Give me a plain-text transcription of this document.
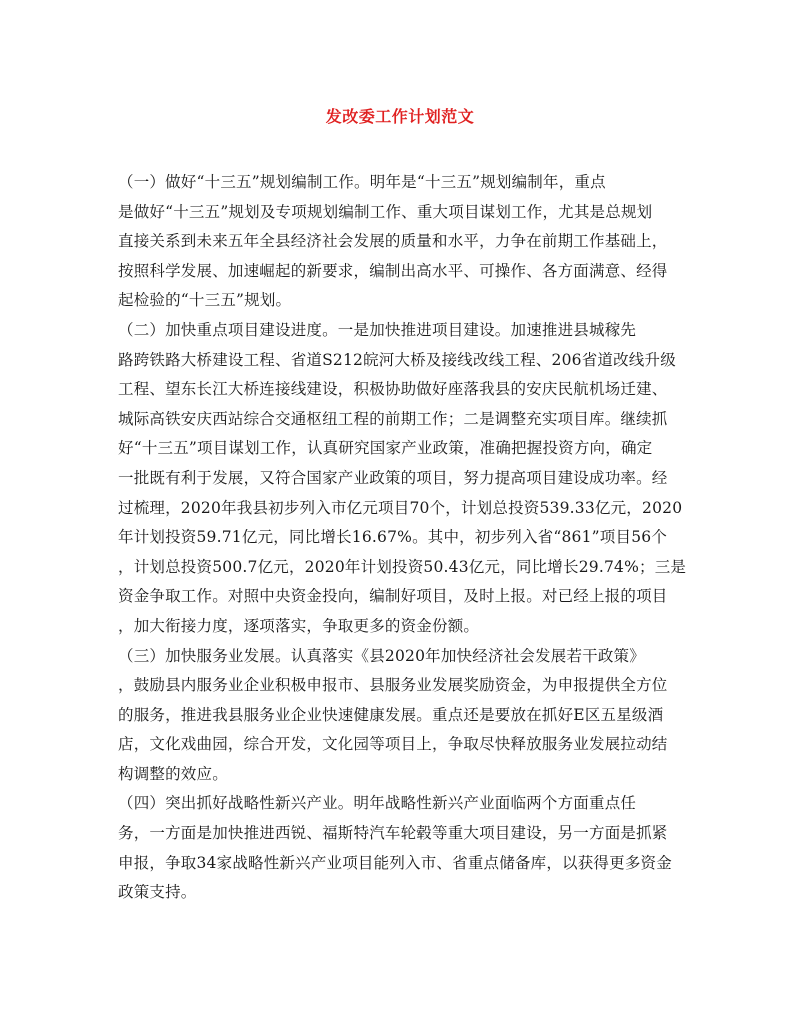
发改委工作计划范文
（一）做好“十三五”规划编制工作。明年是“十三五”规划编制年，重点
是做好“十三五”规划及专项规划编制工作、重大项目谋划工作，尤其是总规划
直接关系到未来五年全县经济社会发展的质量和水平，力争在前期工作基础上，
按照科学发展、加速崛起的新要求，编制出高水平、可操作、各方面满意、经得
起检验的“十三五”规划。
（二）加快重点项目建设进度。一是加快推进项目建设。加速推进县城稼先
路跨铁路大桥建设工程、省道S212皖河大桥及接线改线工程、206省道改线升级
工程、望东长江大桥连接线建设，积极协助做好座落我县的安庆民航机场迁建、
城际高铁安庆西站综合交通枢纽工程的前期工作；二是调整充实项目库。继续抓
好“十三五”项目谋划工作，认真研究国家产业政策，准确把握投资方向，确定
一批既有利于发展，又符合国家产业政策的项目，努力提高项目建设成功率。经
过梳理，2020年我县初步列入市亿元项目70个，计划总投资539.33亿元，2020
年计划投资59.71亿元，同比增长16.67%。其中，初步列入省“861”项目56个
，计划总投资500.7亿元，2020年计划投资50.43亿元，同比增长29.74%；三是
资金争取工作。对照中央资金投向，编制好项目，及时上报。对已经上报的项目
，加大衔接力度，逐项落实，争取更多的资金份额。
（三）加快服务业发展。认真落实《县2020年加快经济社会发展若干政策》
，鼓励县内服务业企业积极申报市、县服务业发展奖励资金，为申报提供全方位
的服务，推进我县服务业企业快速健康发展。重点还是要放在抓好E区五星级酒
店，文化戏曲园，综合开发，文化园等项目上，争取尽快释放服务业发展拉动结
构调整的效应。
（四）突出抓好战略性新兴产业。明年战略性新兴产业面临两个方面重点任
务，一方面是加快推进西锐、福斯特汽车轮毂等重大项目建设，另一方面是抓紧
申报，争取34家战略性新兴产业项目能列入市、省重点储备库，以获得更多资金
政策支持。
